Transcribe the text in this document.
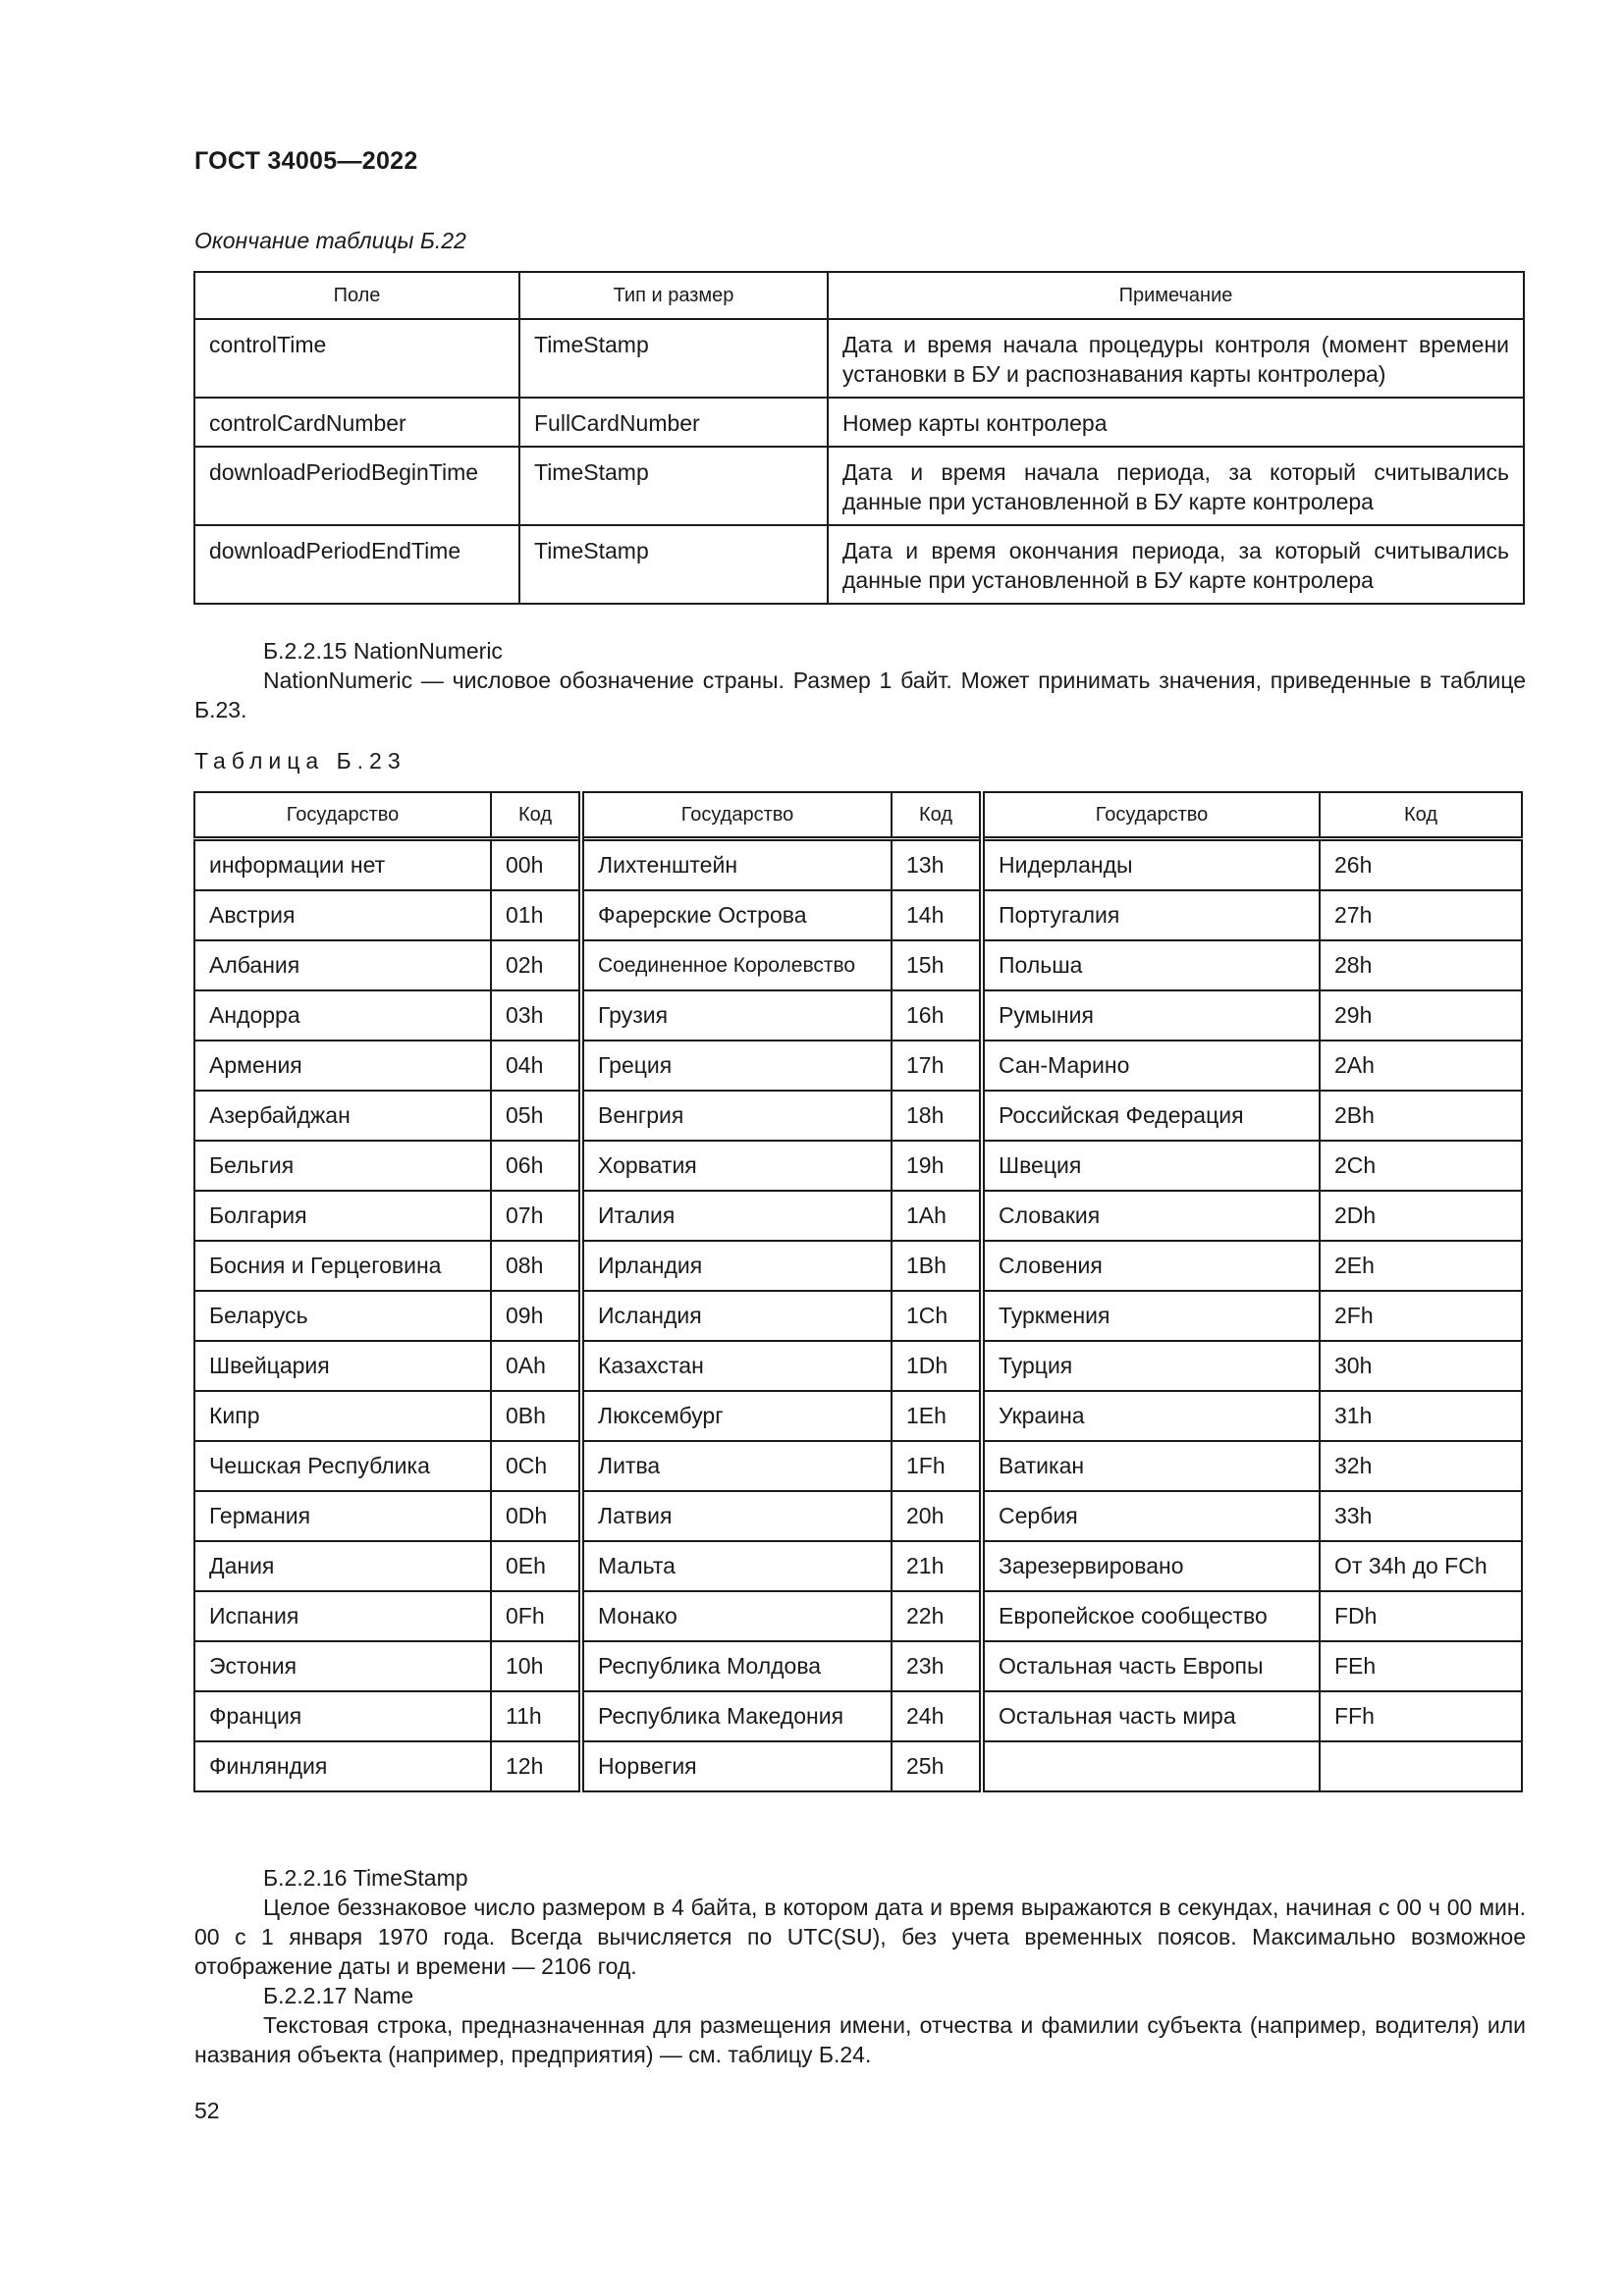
ГОСТ 34005—2022
Окончание таблицы Б.22
Поле	Тип и размер	Примечание
controlTime	TimeStamp	Дата и время начала процедуры контроля (момент времени установки в БУ и распознавания карты контролера)
controlCardNumber	FullCardNumber	Номер карты контролера
downloadPeriodBeginTime	TimeStamp	Дата и время начала периода, за который считывались данные при установленной в БУ карте контролера
downloadPeriodEndTime	TimeStamp	Дата и время окончания периода, за который считывались данные при установленной в БУ карте контролера
Б.2.2.15 NationNumeric
NationNumeric — числовое обозначение страны. Размер 1 байт. Может принимать значения, приведенные в таблице Б.23.
Таблица Б.23
Государство	Код	Государство	Код	Государство	Код
информации нет	00h	Лихтенштейн	13h	Нидерланды	26h
Австрия	01h	Фарерские Острова	14h	Португалия	27h
Албания	02h	Соединенное Королевство	15h	Польша	28h
Андорра	03h	Грузия	16h	Румыния	29h
Армения	04h	Греция	17h	Сан-Марино	2Ah
Азербайджан	05h	Венгрия	18h	Российская Федерация	2Bh
Бельгия	06h	Хорватия	19h	Швеция	2Ch
Болгария	07h	Италия	1Ah	Словакия	2Dh
Босния и Герцеговина	08h	Ирландия	1Bh	Словения	2Eh
Беларусь	09h	Исландия	1Ch	Туркмения	2Fh
Швейцария	0Ah	Казахстан	1Dh	Турция	30h
Кипр	0Bh	Люксембург	1Eh	Украина	31h
Чешская Республика	0Ch	Литва	1Fh	Ватикан	32h
Германия	0Dh	Латвия	20h	Сербия	33h
Дания	0Eh	Мальта	21h	Зарезервировано	От 34h до FCh
Испания	0Fh	Монако	22h	Европейское сообщество	FDh
Эстония	10h	Республика Молдова	23h	Остальная часть Европы	FEh
Франция	11h	Республика Македония	24h	Остальная часть мира	FFh
Финляндия	12h	Норвегия	25h		
Б.2.2.16 TimeStamp
Целое беззнаковое число размером в 4 байта, в котором дата и время выражаются в секундах, начиная с 00 ч 00 мин. 00 с 1 января 1970 года. Всегда вычисляется по UTC(SU), без учета временных поясов. Максимально возможное отображение даты и времени — 2106 год.
Б.2.2.17 Name
Текстовая строка, предназначенная для размещения имени, отчества и фамилии субъекта (например, водителя) или названия объекта (например, предприятия) — см. таблицу Б.24.
52
